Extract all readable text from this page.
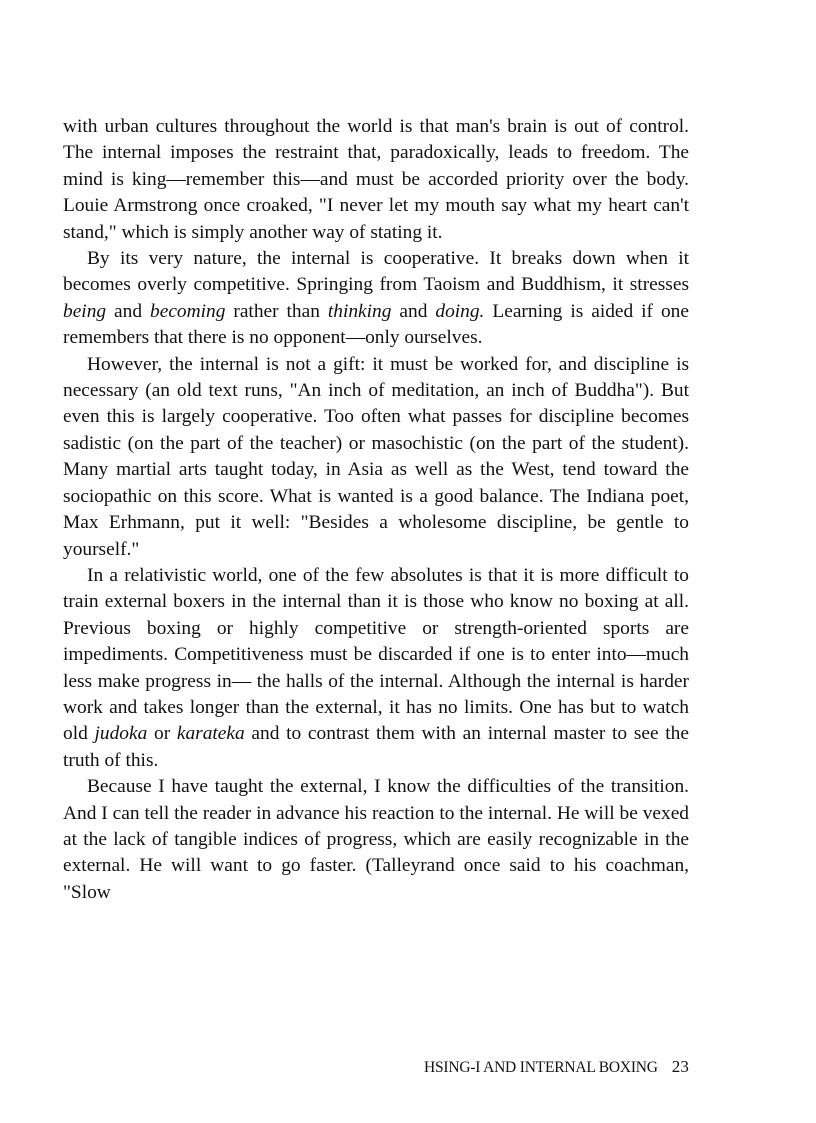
with urban cultures throughout the world is that man's brain is out of control. The internal imposes the restraint that, paradoxically, leads to freedom. The mind is king—remember this—and must be accorded priority over the body. Louie Armstrong once croaked, "I never let my mouth say what my heart can't stand," which is simply another way of stating it.

By its very nature, the internal is cooperative. It breaks down when it becomes overly competitive. Springing from Taoism and Buddhism, it stresses being and becoming rather than thinking and doing. Learning is aided if one remembers that there is no opponent—only ourselves.

However, the internal is not a gift: it must be worked for, and discipline is necessary (an old text runs, "An inch of meditation, an inch of Buddha"). But even this is largely cooperative. Too often what passes for discipline becomes sadistic (on the part of the teacher) or masochistic (on the part of the student). Many martial arts taught today, in Asia as well as the West, tend toward the sociopathic on this score. What is wanted is a good balance. The Indiana poet, Max Erhmann, put it well: "Besides a wholesome discipline, be gentle to yourself."

In a relativistic world, one of the few absolutes is that it is more difficult to train external boxers in the internal than it is those who know no boxing at all. Previous boxing or highly competitive or strength-oriented sports are impediments. Competitiveness must be discarded if one is to enter into—much less make progress in— the halls of the internal. Although the internal is harder work and takes longer than the external, it has no limits. One has but to watch old judoka or karateka and to contrast them with an internal master to see the truth of this.

Because I have taught the external, I know the difficulties of the transition. And I can tell the reader in advance his reaction to the internal. He will be vexed at the lack of tangible indices of progress, which are easily recognizable in the external. He will want to go faster. (Talleyrand once said to his coachman, "Slow

HSING-I AND INTERNAL BOXING 23
